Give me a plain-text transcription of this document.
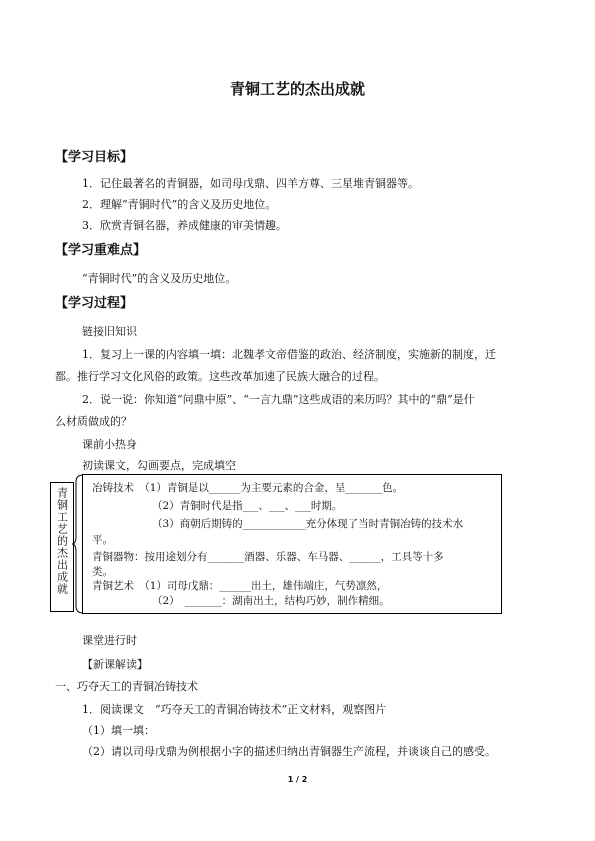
青铜工艺的杰出成就
【学习目标】
1．记住最著名的青铜器，如司母戊鼎、四羊方尊、三星堆青铜器等。
2．理解“青铜时代”的含义及历史地位。
3．欣赏青铜名器，养成健康的审美情趣。
【学习重难点】
“青铜时代”的含义及历史地位。
【学习过程】
链接旧知识
1．复习上一课的内容填一填：北魏孝文帝借鉴的政治、经济制度，实施新的制度，迁
都。推行学习文化风俗的政策。这些改革加速了民族大融合的过程。
2．说一说：你知道“问鼎中原”、“一言九鼎”这些成语的来历吗？其中的“鼎”是什
么材质做成的？
课前小热身
初读课文，勾画要点，完成填空
青铜工艺的杰出成就 冶铸技术　（1）青铜是以______为主要元素的合金，呈_______色。
（2）青铜时代是指___、___、___时期。
（3）商朝后期铸的____________充分体现了当时青铜冶铸的技术水
平。
青铜器物：按用途划分有_______酒器、乐器、车马器、______，工具等十多
类。
青铜艺术　（1）司母戊鼎：______出土，雄伟端庄，气势凛然，
（2）　_______：湖南出土，结构巧妙，制作精细。
课堂进行时
【新课解读】
一、巧夺天工的青铜冶铸技术
1．阅读课文　“巧夺天工的青铜冶铸技术”正文材料，观察图片
（1）填一填：
（2）请以司母戊鼎为例根据小字的描述归纳出青铜器生产流程，并谈谈自己的感受。
1 / 2
